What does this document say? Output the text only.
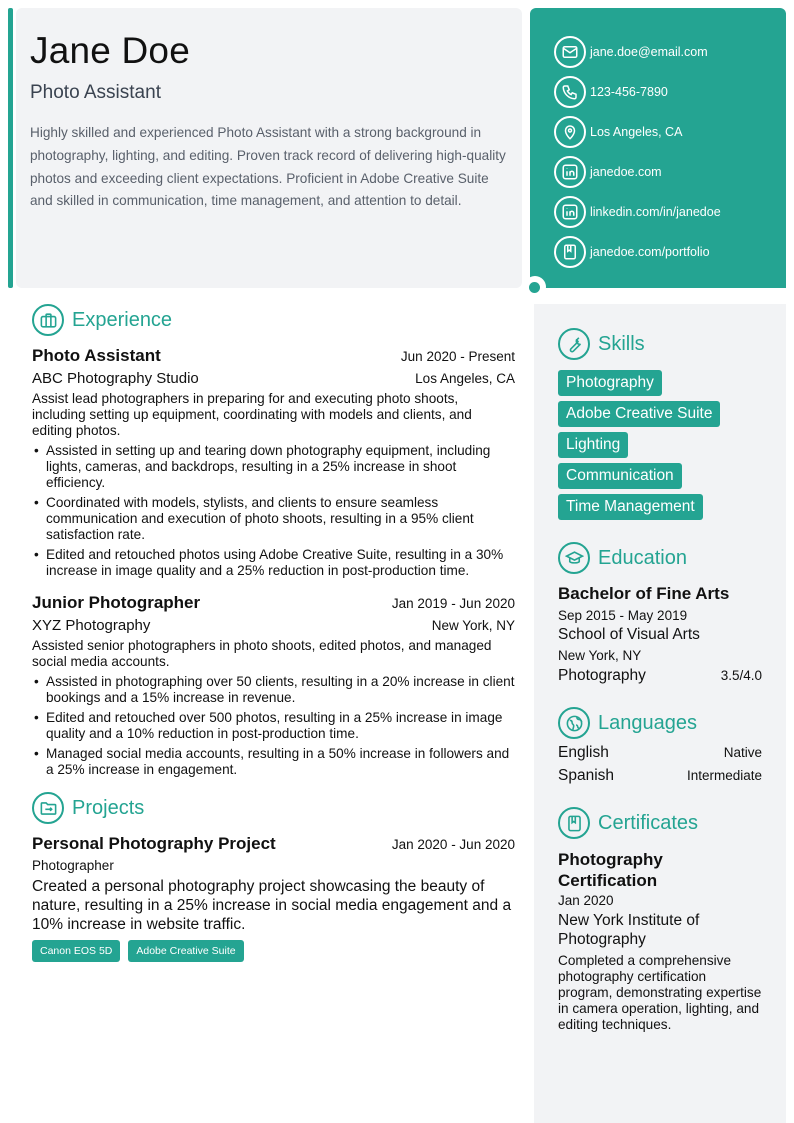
Jane Doe
Photo Assistant

Highly skilled and experienced Photo Assistant with a strong background in photography, lighting, and editing. Proven track record of delivering high-quality photos and exceeding client expectations. Proficient in Adobe Creative Suite and skilled in communication, time management, and attention to detail.

jane.doe@email.com
123-456-7890
Los Angeles, CA
janedoe.com
linkedin.com/in/janedoe
janedoe.com/portfolio
Experience
Photo Assistant	Jun 2020 - Present
ABC Photography Studio	Los Angeles, CA

Assist lead photographers in preparing for and executing photo shoots, including setting up equipment, coordinating with models and clients, and editing photos.

• Assisted in setting up and tearing down photography equipment, including lights, cameras, and backdrops, resulting in a 25% increase in shoot efficiency.
• Coordinated with models, stylists, and clients to ensure seamless communication and execution of photo shoots, resulting in a 95% client satisfaction rate.
• Edited and retouched photos using Adobe Creative Suite, resulting in a 30% increase in image quality and a 25% reduction in post-production time.
Junior Photographer	Jan 2019 - Jun 2020
XYZ Photography	New York, NY

Assisted senior photographers in photo shoots, edited photos, and managed social media accounts.

• Assisted in photographing over 50 clients, resulting in a 20% increase in client bookings and a 15% increase in revenue.
• Edited and retouched over 500 photos, resulting in a 25% increase in image quality and a 10% reduction in post-production time.
• Managed social media accounts, resulting in a 50% increase in followers and a 25% increase in engagement.
Projects
Personal Photography Project	Jan 2020 - Jun 2020
Photographer

Created a personal photography project showcasing the beauty of nature, resulting in a 25% increase in social media engagement and a 10% increase in website traffic.

Canon EOS 5D	Adobe Creative Suite
Skills
Photography
Adobe Creative Suite
Lighting
Communication
Time Management
Education
Bachelor of Fine Arts
Sep 2015 - May 2019
School of Visual Arts
New York, NY
Photography	3.5/4.0
Languages
English	Native
Spanish	Intermediate
Certificates
Photography Certification
Jan 2020
New York Institute of Photography

Completed a comprehensive photography certification program, demonstrating expertise in camera operation, lighting, and editing techniques.
